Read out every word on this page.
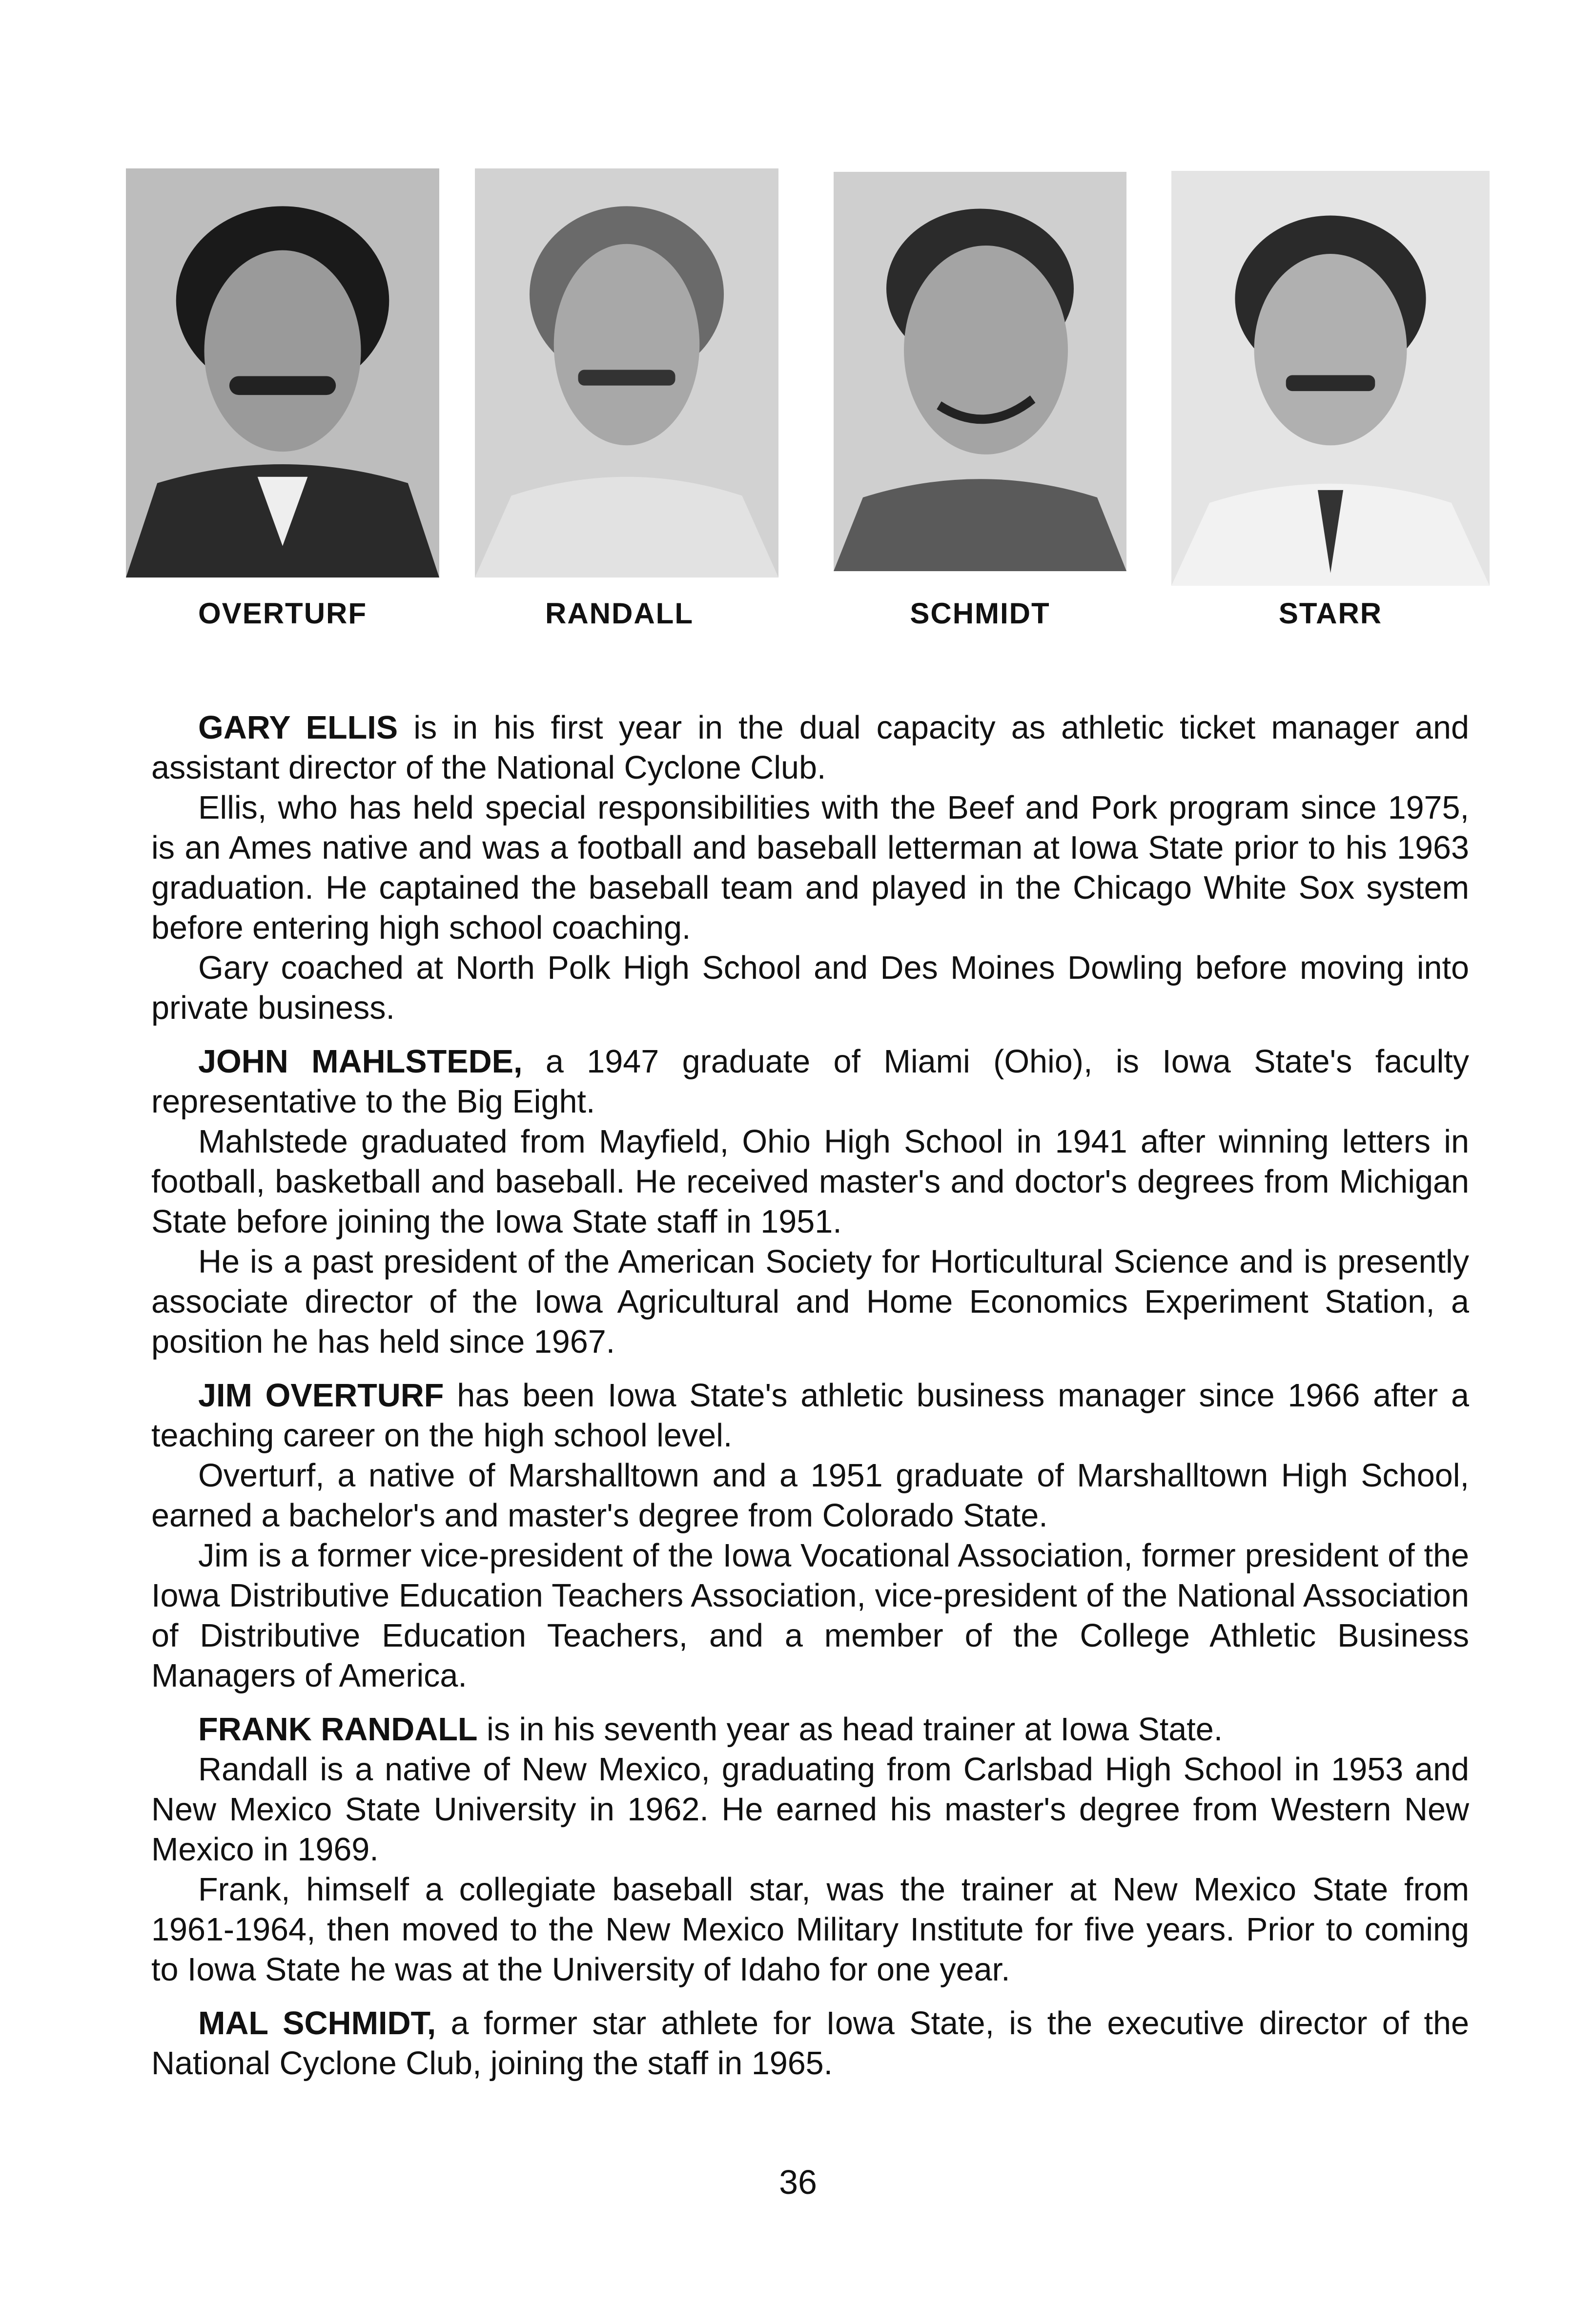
OVERTURF	RANDALL	SCHMIDT	STARR

GARY ELLIS is in his first year in the dual capacity as athletic ticket manager and assistant director of the National Cyclone Club.

Ellis, who has held special responsibilities with the Beef and Pork program since 1975, is an Ames native and was a football and baseball letterman at Iowa State prior to his 1963 graduation. He captained the baseball team and played in the Chicago White Sox system before entering high school coaching.

Gary coached at North Polk High School and Des Moines Dowling before moving into private business.

JOHN MAHLSTEDE, a 1947 graduate of Miami (Ohio), is Iowa State's faculty representative to the Big Eight.

Mahlstede graduated from Mayfield, Ohio High School in 1941 after winning letters in football, basketball and baseball. He received master's and doctor's degrees from Michigan State before joining the Iowa State staff in 1951.

He is a past president of the American Society for Horticultural Science and is presently associate director of the Iowa Agricultural and Home Economics Experiment Station, a position he has held since 1967.

JIM OVERTURF has been Iowa State's athletic business manager since 1966 after a teaching career on the high school level.

Overturf, a native of Marshalltown and a 1951 graduate of Marshalltown High School, earned a bachelor's and master's degree from Colorado State.

Jim is a former vice-president of the Iowa Vocational Association, former president of the Iowa Distributive Education Teachers Association, vice-president of the National Association of Distributive Education Teachers, and a member of the College Athletic Business Managers of America.

FRANK RANDALL is in his seventh year as head trainer at Iowa State.

Randall is a native of New Mexico, graduating from Carlsbad High School in 1953 and New Mexico State University in 1962. He earned his master's degree from Western New Mexico in 1969.

Frank, himself a collegiate baseball star, was the trainer at New Mexico State from 1961-1964, then moved to the New Mexico Military Institute for five years. Prior to coming to Iowa State he was at the University of Idaho for one year.

MAL SCHMIDT, a former star athlete for Iowa State, is the executive director of the National Cyclone Club, joining the staff in 1965.

36
